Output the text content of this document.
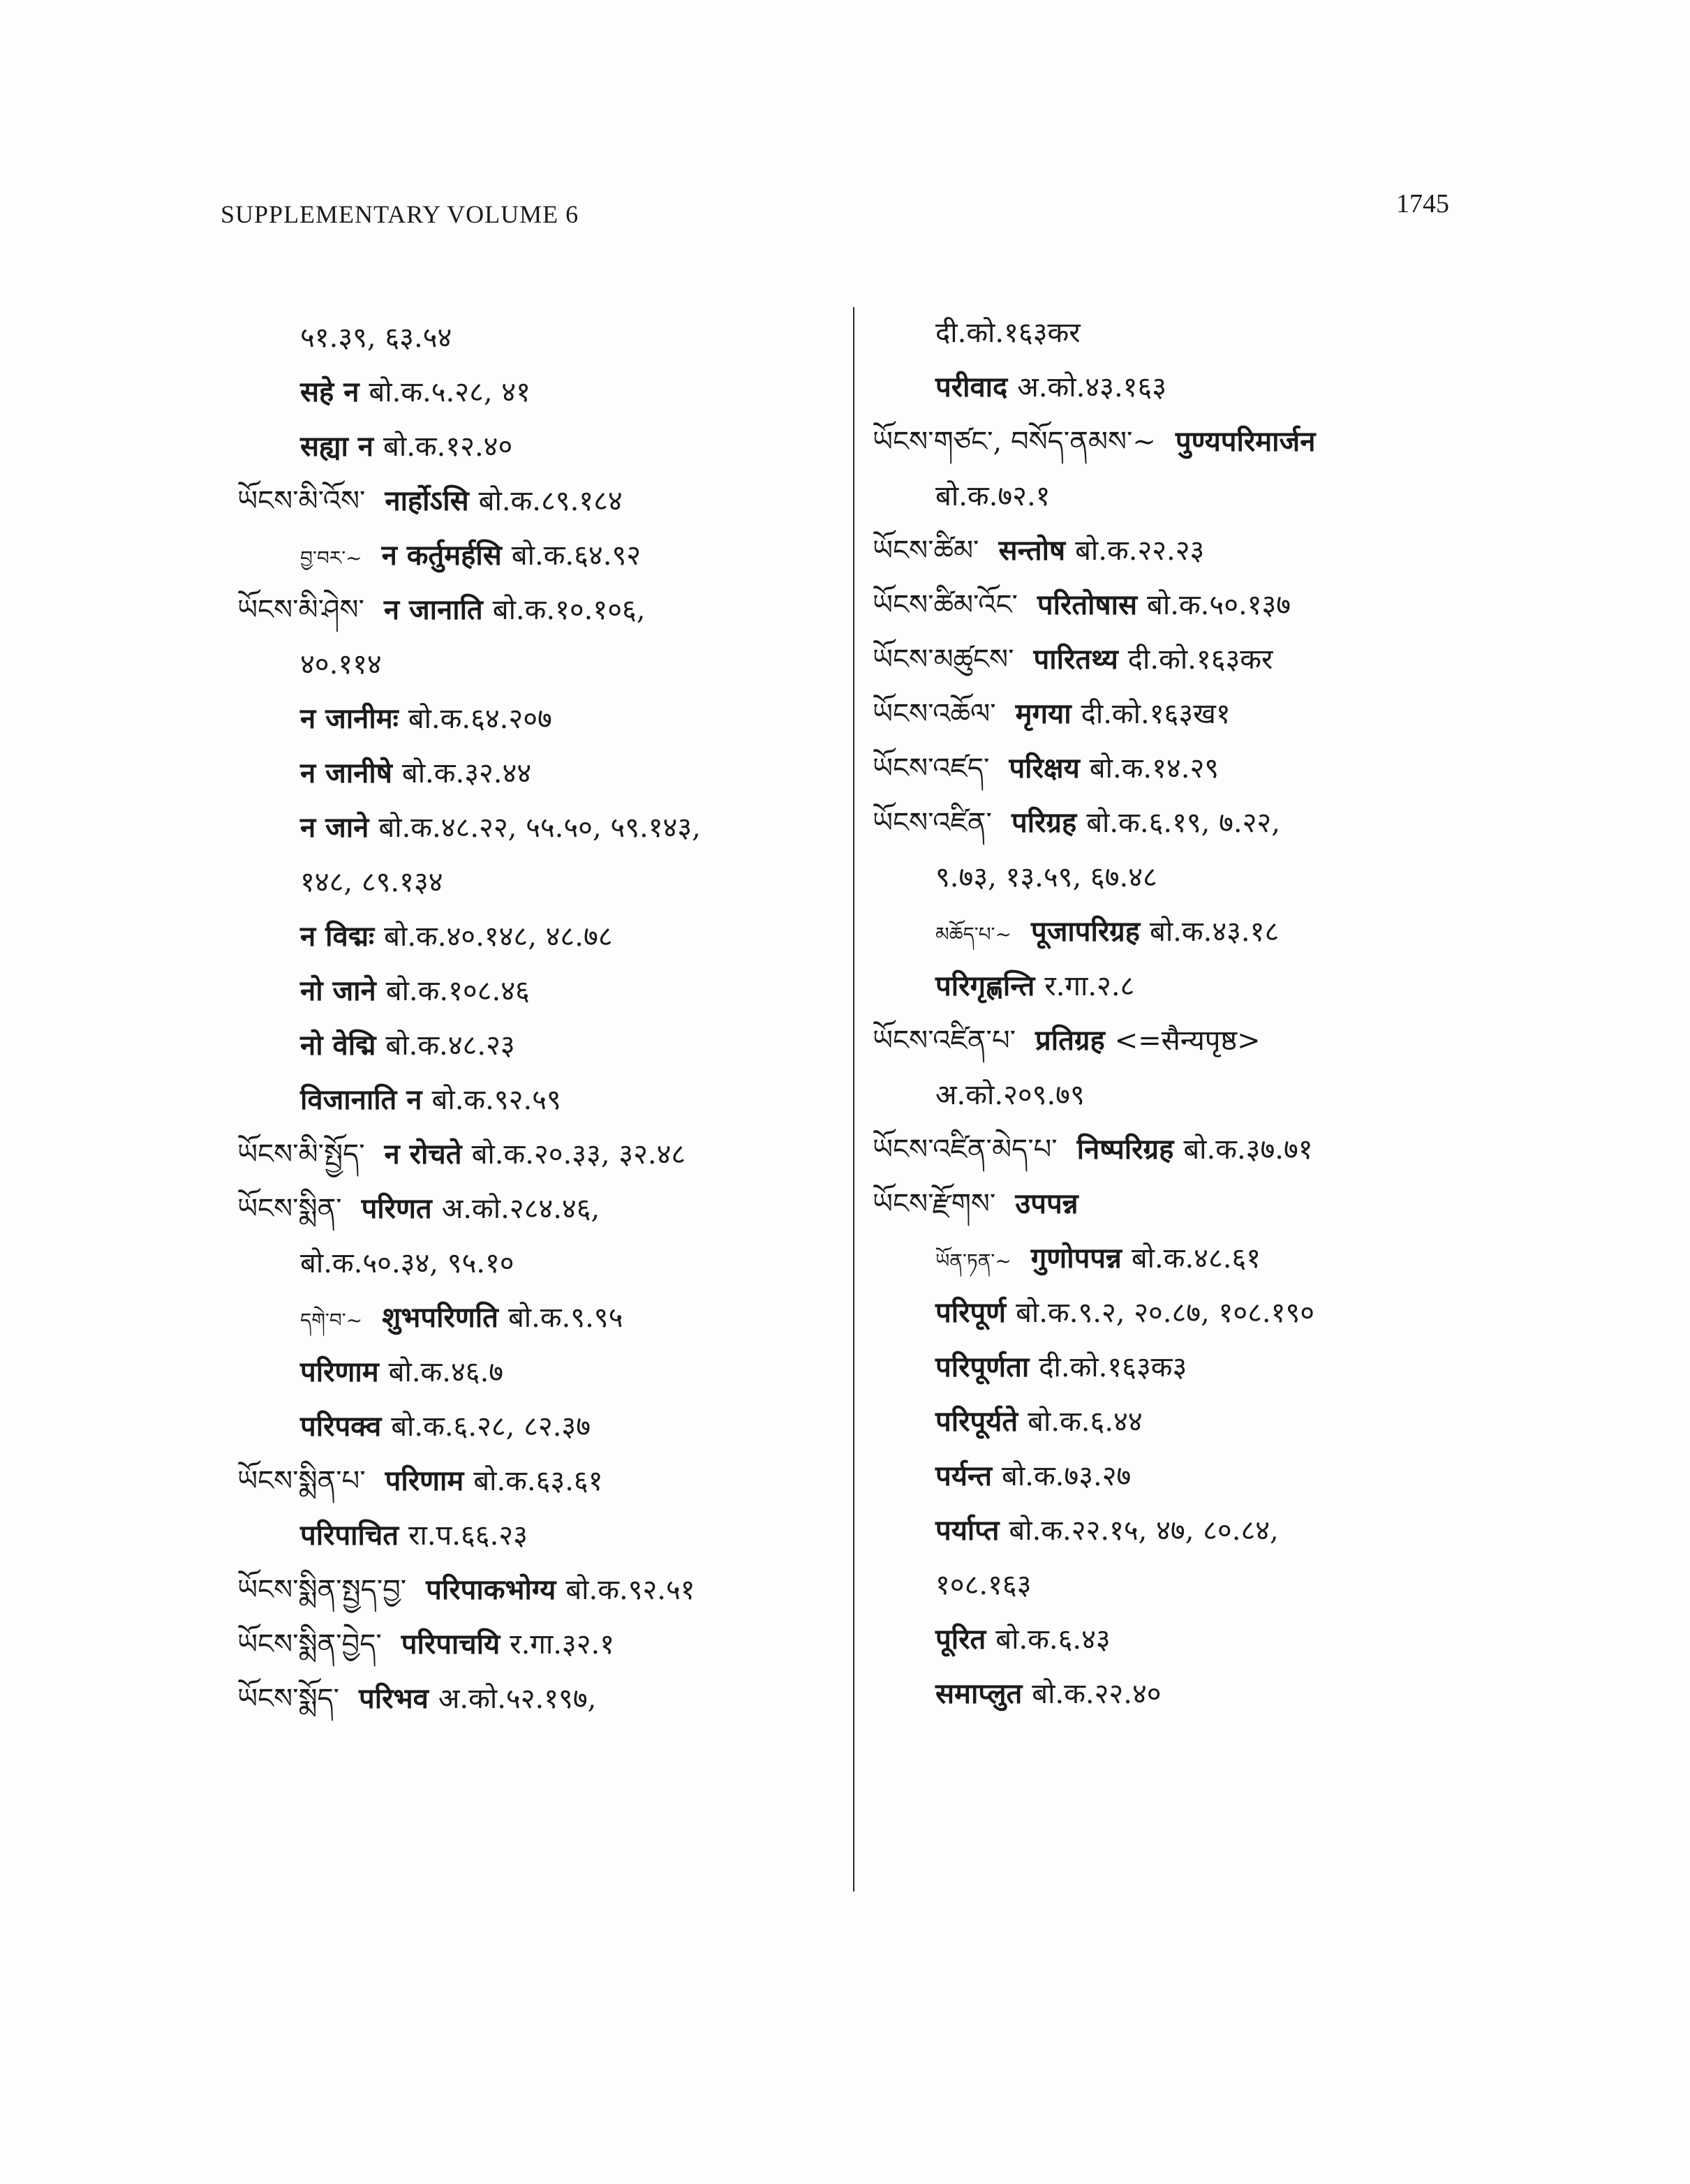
SUPPLEMENTARY VOLUME 6	1745
५१.३९, ६३.५४
सहे न बो.क.५.२८, ४१
सह्या न बो.क.१२.४०
ཡོངས་མི་འོས་ नार्होऽसि बो.क.८९.१८४
བྱ་བར་~ न कर्तुमर्हसि बो.क.६४.९२
ཡོངས་མི་ཤེས་ न जानाति बो.क.१०.१०६,
४०.११४
न जानीमः बो.क.६४.२०७
न जानीषे बो.क.३२.४४
न जाने बो.क.४८.२२, ५५.५०, ५९.१४३,
१४८, ८९.१३४
न विद्मः बो.क.४०.१४८, ४८.७८
नो जाने बो.क.१०८.४६
नो वेद्मि बो.क.४८.२३
विजानाति न बो.क.९२.५९
ཡོངས་མི་སྤྱོད་ न रोचते बो.क.२०.३३, ३२.४८
ཡོངས་སྨིན་ परिणत अ.को.२८४.४६,
बो.क.५०.३४, ९५.१०
དགེ་བ་~ शुभपरिणति बो.क.९.९५
परिणाम बो.क.४६.७
परिपक्व बो.क.६.२८, ८२.३७
ཡོངས་སྨིན་པ་ परिणाम बो.क.६३.६१
परिपाचित रा.प.६६.२३
ཡོངས་སྨིན་སྤྱད་བྱ་ परिपाकभोग्य बो.क.९२.५१
ཡོངས་སྨིན་བྱེད་ परिपाचयि र.गा.३२.१
ཡོངས་སྨོད་ परिभव अ.को.५२.१९७,
दी.को.१६३कर
परीवाद अ.को.४३.१६३
ཡོངས་གཙང་, བསོད་ནམས་~ पुण्यपरिमार्जन
बो.क.७२.१
ཡོངས་ཚིམ་ सन्तोष बो.क.२२.२३
ཡོངས་ཚིམ་འོང་ परितोषास बो.क.५०.१३७
ཡོངས་མཚུངས་ पारितथ्य दी.को.१६३कर
ཡོངས་འཆོལ་ मृगया दी.को.१६३ख१
ཡོངས་འཛད་ परिक्षय बो.क.१४.२९
ཡོངས་འཛིན་ परिग्रह बो.क.६.१९, ७.२२,
९.७३, १३.५९, ६७.४८
མཆོད་པ་~ पूजापरिग्रह बो.क.४३.१८
परिगृह्णन्ति र.गा.२.८
ཡོངས་འཛིན་པ་ प्रतिग्रह <=सैन्यपृष्ठ>
अ.को.२०९.७९
ཡོངས་འཛིན་མེད་པ་ निष्परिग्रह बो.क.३७.७१
ཡོངས་རྫོགས་ उपपन्न
ཡོན་ཏན་~ गुणोपपन्न बो.क.४८.६१
परिपूर्ण बो.क.९.२, २०.८७, १०८.१९०
परिपूर्णता दी.को.१६३क३
परिपूर्यते बो.क.६.४४
पर्यन्त बो.क.७३.२७
पर्याप्त बो.क.२२.१५, ४७, ८०.८४,
१०८.१६३
पूरित बो.क.६.४३
समाप्लुत बो.क.२२.४०
